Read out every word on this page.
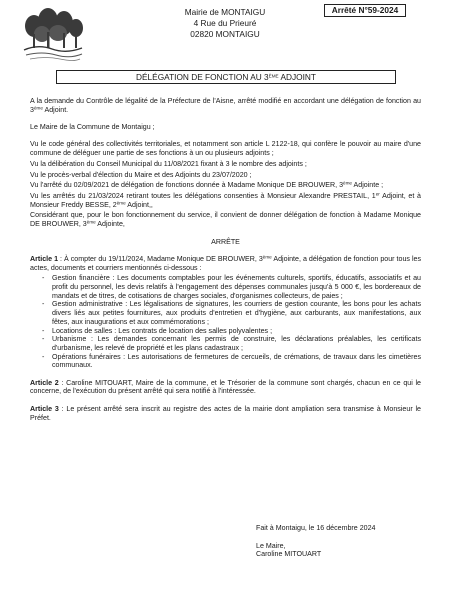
Mairie de MONTAIGU
4 Rue du Prieuré
02820 MONTAIGU
Arrêté N°59-2024
DÉLÉGATION DE FONCTION AU 3ÈME ADJOINT

A la demande du Contrôle de légalité de la Préfecture de l'Aisne, arrêté modifié en accordant une délégation de fonction au 3ème Adjoint.

Le Maire de la Commune de Montaigu ;

Vu le code général des collectivités territoriales, et notamment son article L 2122-18, qui confère le pouvoir au maire d'une commune de déléguer une partie de ses fonctions à un ou plusieurs adjoints ;

Vu la délibération du Conseil Municipal du 11/08/2021 fixant à 3 le nombre des adjoints ;

Vu le procès-verbal d'élection du Maire et des Adjoints du 23/07/2020 ;

Vu l'arrêté du 02/09/2021 de délégation de fonctions donnée à Madame Monique DE BROUWER, 3ème Adjointe ;

Vu les arrêtés du 21/03/2024 retirant toutes les délégations consenties à Monsieur Alexandre PRESTAIL, 1er Adjoint, et à Monsieur Freddy BESSE, 2ème Adjoint,,

Considérant que, pour le bon fonctionnement du service, il convient de donner délégation de fonction à Madame Monique DE BROUWER, 3ème Adjointe,

ARRÊTE

Article 1 : À compter du 19/11/2024, Madame Monique DE BROUWER, 3ème Adjointe, a délégation de fonction pour tous les actes, documents et courriers mentionnés ci-dessous :

- Gestion financière : Les documents comptables pour les événements culturels, sportifs, éducatifs, associatifs et au profit du personnel, les devis relatifs à l'engagement des dépenses communales jusqu'à 5 000 €, les bordereaux de mandats et de titres, de cotisations de charges sociales, d'organismes collecteurs, de paies ;
- Gestion administrative : Les légalisations de signatures, les courriers de gestion courante, les bons pour les achats divers liés aux petites fournitures, aux produits d'entretien et d'hygiène, aux carburants, aux manifestations, aux fêtes, aux inaugurations et aux commémorations ;
- Locations de salles : Les contrats de location des salles polyvalentes ;
- Urbanisme : Les demandes concernant les permis de construire, les déclarations préalables, les certificats d'urbanisme, les relevé de propriété et les plans cadastraux ;
- Opérations funéraires : Les autorisations de fermetures de cercueils, de crémations, de travaux dans les cimetières communaux.

Article 2 : Caroline MITOUART, Maire de la commune, et le Trésorier de la commune sont chargés, chacun en ce qui le concerne, de l'exécution du présent arrêté qui sera notifié à l'intéressée.

Article 3 : Le présent arrêté sera inscrit au registre des actes de la mairie dont ampliation sera transmise à Monsieur le Préfet.

Fait à Montaigu, le 16 décembre 2024

Le Maire,

Caroline MITOUART
